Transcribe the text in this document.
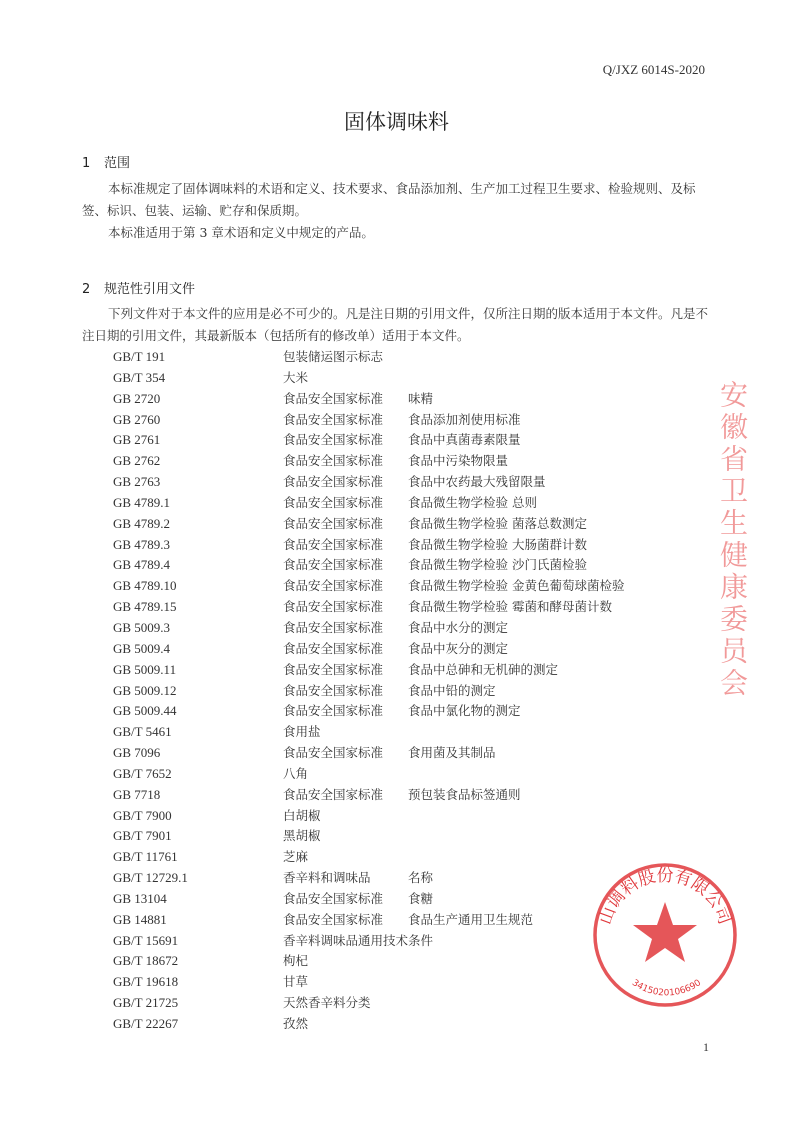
Q/JXZ 6014S-2020
固体调味料
1 范围
本标准规定了固体调味料的术语和定义、技术要求、食品添加剂、生产加工过程卫生要求、检验规则、及标签、标识、包装、运输、贮存和保质期。
本标准适用于第 3 章术语和定义中规定的产品。
2 规范性引用文件
下列文件对于本文件的应用是必不可少的。凡是注日期的引用文件，仅所注日期的版本适用于本文件。凡是不注日期的引用文件，其最新版本（包括所有的修改单）适用于本文件。
GB/T 191	包装储运图示标志
GB/T 354	大米
GB 2720	食品安全国家标准 味精
GB 2760	食品安全国家标准 食品添加剂使用标准
GB 2761	食品安全国家标准 食品中真菌毒素限量
GB 2762	食品安全国家标准 食品中污染物限量
GB 2763	食品安全国家标准 食品中农药最大残留限量
GB 4789.1	食品安全国家标准 食品微生物学检验 总则
GB 4789.2	食品安全国家标准 食品微生物学检验 菌落总数测定
GB 4789.3	食品安全国家标准 食品微生物学检验 大肠菌群计数
GB 4789.4	食品安全国家标准 食品微生物学检验 沙门氏菌检验
GB 4789.10	食品安全国家标准 食品微生物学检验 金黄色葡萄球菌检验
GB 4789.15	食品安全国家标准 食品微生物学检验 霉菌和酵母菌计数
GB 5009.3	食品安全国家标准 食品中水分的测定
GB 5009.4	食品安全国家标准 食品中灰分的测定
GB 5009.11	食品安全国家标准 食品中总砷和无机砷的测定
GB 5009.12	食品安全国家标准 食品中铅的测定
GB 5009.44	食品安全国家标准 食品中氯化物的测定
GB/T 5461	食用盐
GB 7096	食品安全国家标准 食用菌及其制品
GB/T 7652	八角
GB 7718	食品安全国家标准 预包装食品标签通则
GB/T 7900	白胡椒
GB/T 7901	黑胡椒
GB/T 11761	芝麻
GB/T 12729.1	香辛料和调味品	名称
GB 13104	食品安全国家标准 食糖
GB 14881	食品安全国家标准 食品生产通用卫生规范
GB/T 15691	香辛料调味品通用技术条件
GB/T 18672	枸杞
GB/T 19618	甘草
GB/T 21725	天然香辛料分类
GB/T 22267	孜然
安徽省卫生健康委员会
山调料股份有限公司
3415020106690
1
